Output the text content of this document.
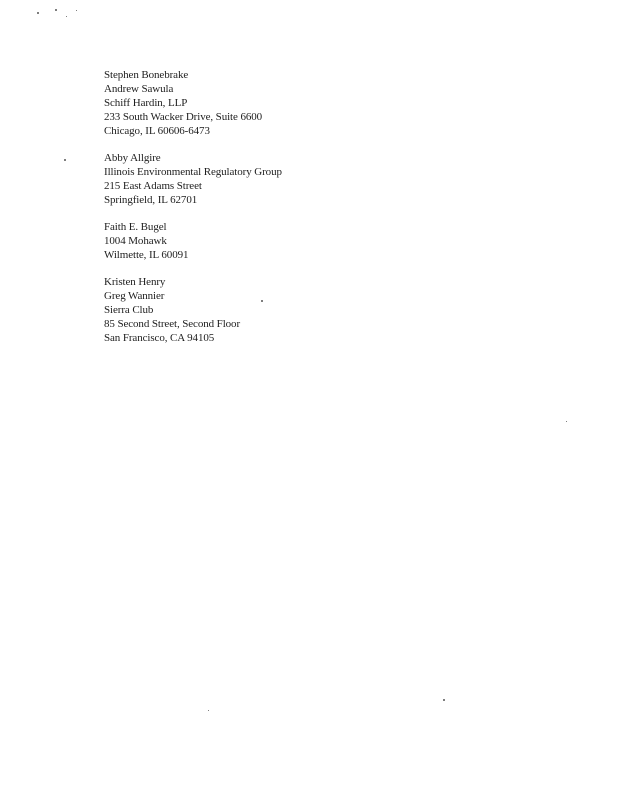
Stephen Bonebrake
Andrew Sawula
Schiff Hardin, LLP
233 South Wacker Drive, Suite 6600
Chicago, IL 60606-6473
Abby Allgire
Illinois Environmental Regulatory Group
215 East Adams Street
Springfield, IL 62701
Faith E. Bugel
1004 Mohawk
Wilmette, IL 60091
Kristen Henry
Greg Wannier
Sierra Club
85 Second Street, Second Floor
San Francisco, CA 94105
